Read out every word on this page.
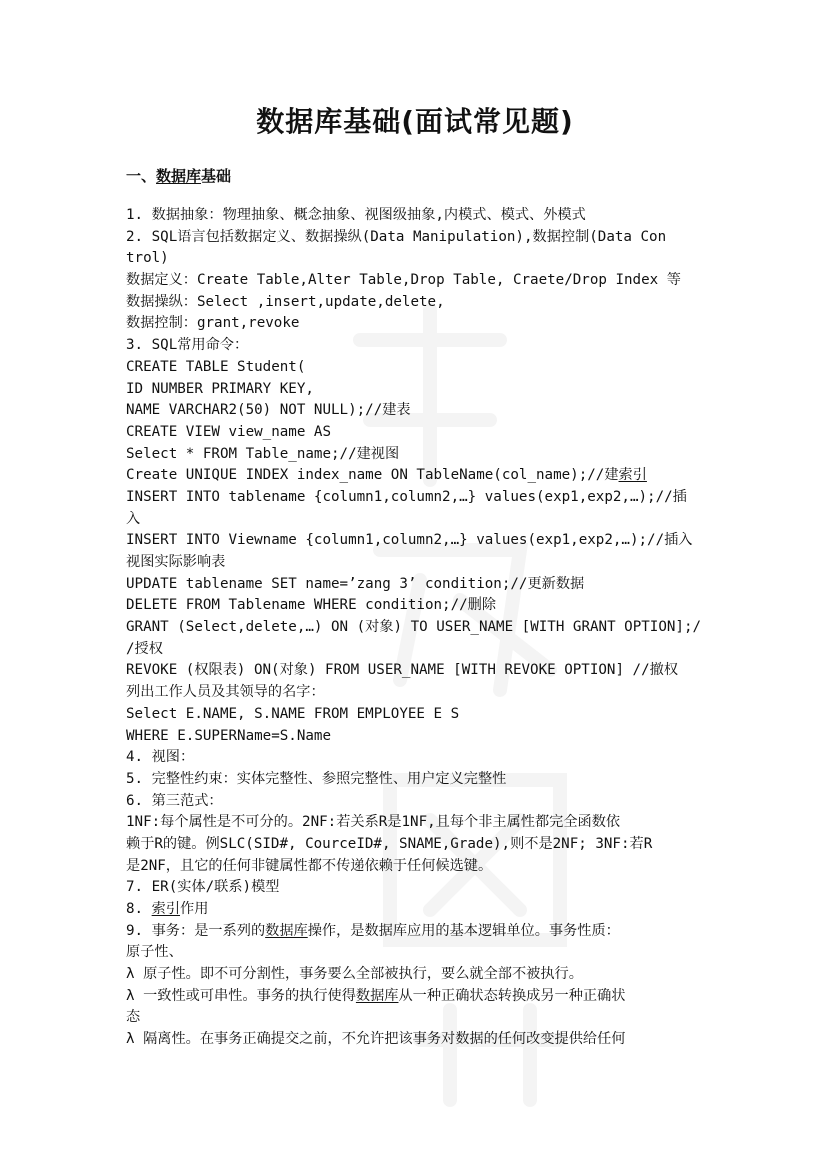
数据库基础(面试常见题)
一、数据库基础
1. 数据抽象：物理抽象、概念抽象、视图级抽象,内模式、模式、外模式
2. SQL语言包括数据定义、数据操纵(Data Manipulation),数据控制(Data Con
trol)
数据定义：Create Table,Alter Table,Drop Table, Craete/Drop Index 等
数据操纵：Select ,insert,update,delete,
数据控制：grant,revoke
3. SQL常用命令：
CREATE TABLE Student(
ID NUMBER PRIMARY KEY,
NAME VARCHAR2(50) NOT NULL);//建表
CREATE VIEW view_name AS
Select * FROM Table_name;//建视图
Create UNIQUE INDEX index_name ON TableName(col_name);//建索引
INSERT INTO tablename {column1,column2,…} values(exp1,exp2,…);//插
入
INSERT INTO Viewname {column1,column2,…} values(exp1,exp2,…);//插入
视图实际影响表
UPDATE tablename SET name=’zang 3’ condition;//更新数据
DELETE FROM Tablename WHERE condition;//删除
GRANT (Select,delete,…) ON (对象) TO USER_NAME [WITH GRANT OPTION];/
/授权
REVOKE (权限表) ON(对象) FROM USER_NAME [WITH REVOKE OPTION] //撤权
列出工作人员及其领导的名字：
Select E.NAME, S.NAME FROM EMPLOYEE E S
WHERE E.SUPERName=S.Name
4. 视图：
5. 完整性约束：实体完整性、参照完整性、用户定义完整性
6. 第三范式：
1NF:每个属性是不可分的。2NF:若关系R是1NF,且每个非主属性都完全函数依
赖于R的键。例SLC(SID#, CourceID#, SNAME,Grade),则不是2NF; 3NF:若R
是2NF，且它的任何非键属性都不传递依赖于任何候选键。
7. ER(实体/联系)模型
8. 索引作用
9. 事务：是一系列的数据库操作，是数据库应用的基本逻辑单位。事务性质：
原子性、
λ 原子性。即不可分割性，事务要么全部被执行，要么就全部不被执行。
λ 一致性或可串性。事务的执行使得数据库从一种正确状态转换成另一种正确状
态
λ 隔离性。在事务正确提交之前，不允许把该事务对数据的任何改变提供给任何
